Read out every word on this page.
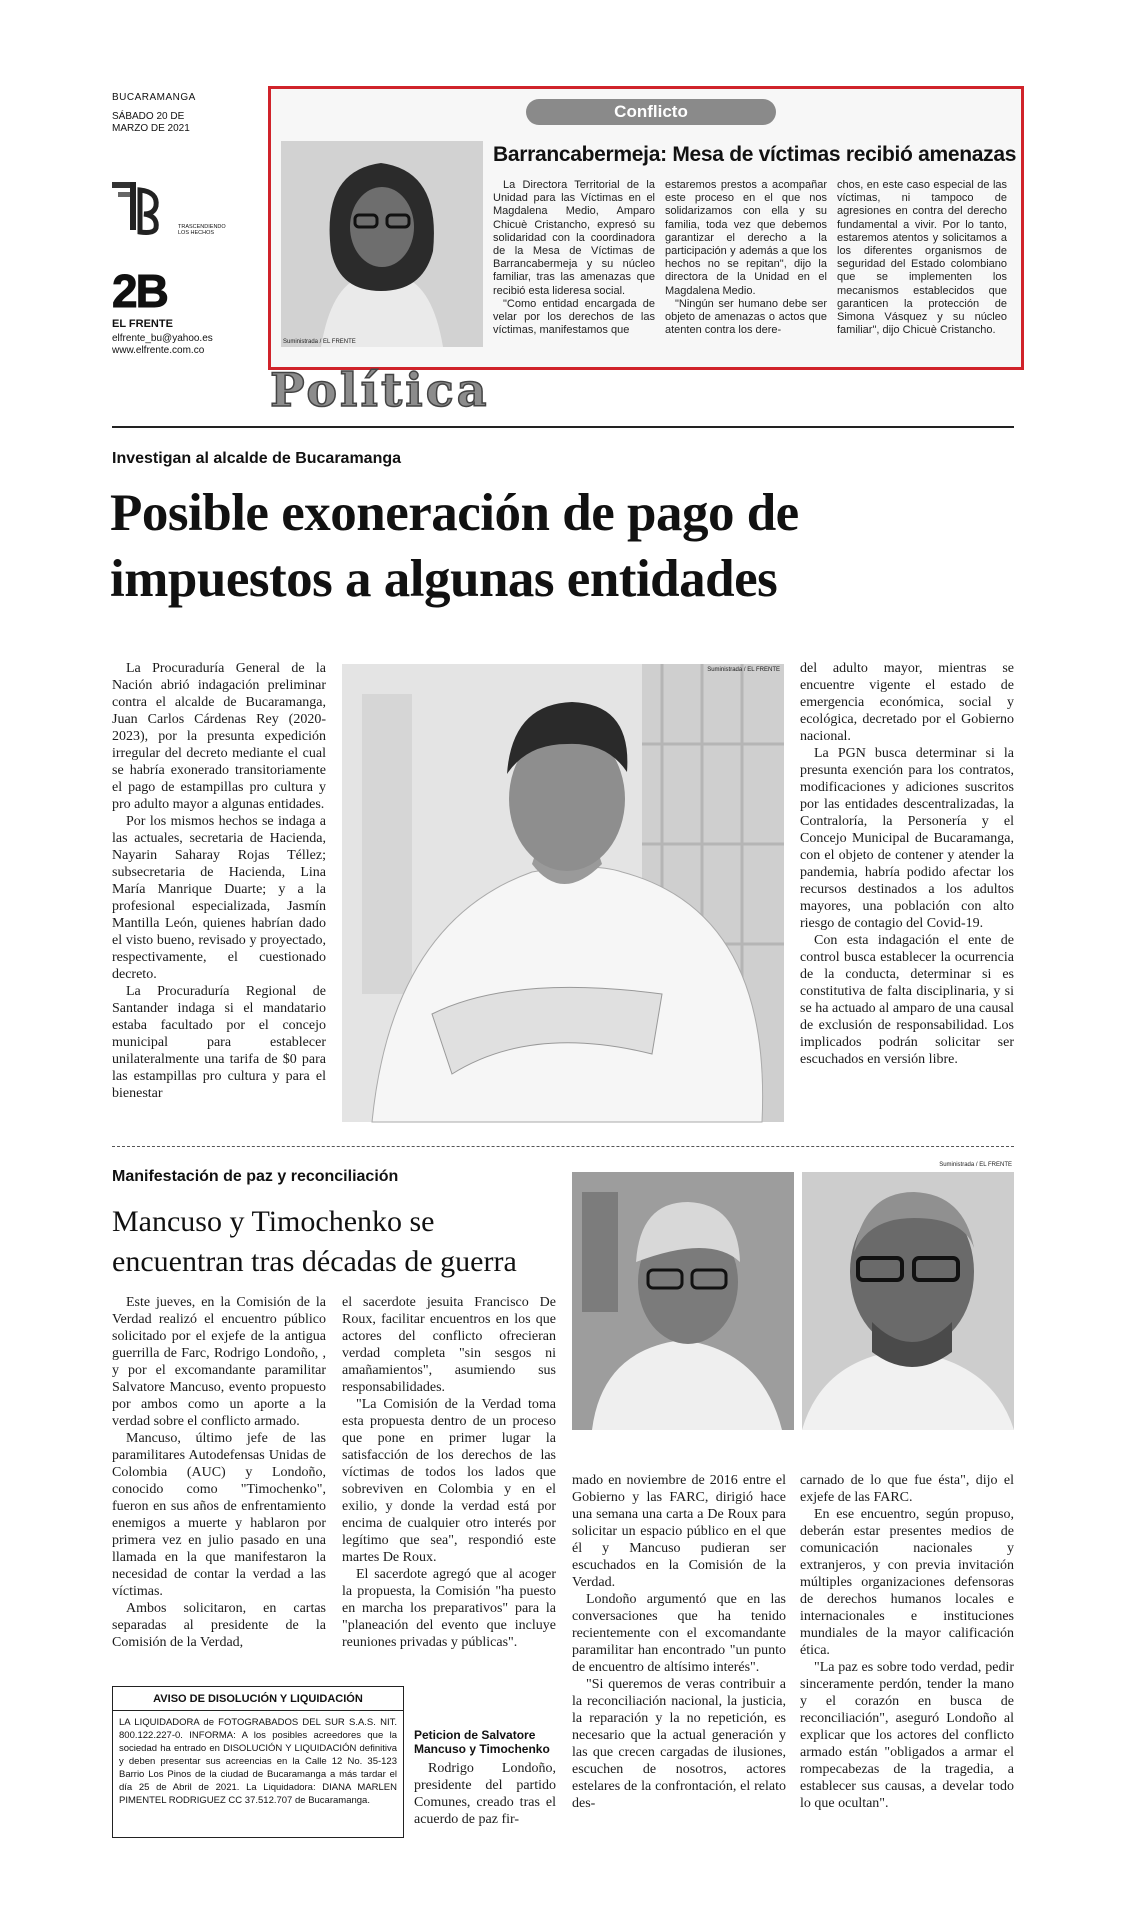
BUCARAMANGA
SÁBADO 20 DE MARZO DE 2021
TRASCENDIENDO LOS HECHOS
2B
EL FRENTE
elfrente_bu@yahoo.es
www.elfrente.com.co
Conflicto
Suministrada / EL FRENTE
Barrancabermeja: Mesa de víctimas recibió amenazas

La Directora Territorial de la Unidad para las Víctimas en el Magdalena Medio, Amparo Chicuè Cristancho, expresó su solidaridad con la coordinadora de la Mesa de Víctimas de Barrancabermeja y su núcleo familiar, tras las amenazas que recibió esta lideresa social.

"Como entidad encargada de velar por los derechos de las víctimas, manifestamos que

estaremos prestos a acompañar este proceso en el que nos solidarizamos con ella y su familia, toda vez que debemos garantizar el derecho a la participación y además a que los hechos no se repitan", dijo la directora de la Unidad en el Magdalena Medio.

"Ningún ser humano debe ser objeto de amenazas o actos que atenten contra los dere-

chos, en este caso especial de las víctimas, ni tampoco de agresiones en contra del derecho fundamental a vivir. Por lo tanto, estaremos atentos y solicitamos a los diferentes organismos de seguridad del Estado colombiano que se implementen los mecanismos establecidos que garanticen la protección de Simona Vásquez y su núcleo familiar", dijo Chicuè Cristancho.

Política
Investigan al alcalde de Bucaramanga
Posible exoneración de pago de impuestos a algunas entidades

La Procuraduría General de la Nación abrió indagación preliminar contra el alcalde de Bucaramanga, Juan Carlos Cárdenas Rey (2020-2023), por la presunta expedición irregular del decreto mediante el cual se habría exonerado transitoriamente el pago de estampillas pro cultura y pro adulto mayor a algunas entidades.

Por los mismos hechos se indaga a las actuales, secretaria de Hacienda, Nayarin Saharay Rojas Téllez; subsecretaria de Hacienda, Lina María Manrique Duarte; y a la profesional especializada, Jasmín Mantilla León, quienes habrían dado el visto bueno, revisado y proyectado, respectivamente, el cuestionado decreto.

La Procuraduría Regional de Santander indaga si el mandatario estaba facultado por el concejo municipal para establecer unilateralmente una tarifa de $0 para las estampillas pro cultura y para el bienestar

Suministrada / EL FRENTE del adulto mayor, mientras se encuentre vigente el estado de emergencia económica, social y ecológica, decretado por el Gobierno nacional.

La PGN busca determinar si la presunta exención para los contratos, modificaciones y adiciones suscritos por las entidades descentralizadas, la Contraloría, la Personería y el Concejo Municipal de Bucaramanga, con el objeto de contener y atender la pandemia, habría podido afectar los recursos destinados a los adultos mayores, una población con alto riesgo de contagio del Covid-19.

Con esta indagación el ente de control busca establecer la ocurrencia de la conducta, determinar si es constitutiva de falta disciplinaria, y si se ha actuado al amparo de una causal de exclusión de responsabilidad. Los implicados podrán solicitar ser escuchados en versión libre.

Manifestación de paz y reconciliación
Mancuso y Timochenko se encuentran tras décadas de guerra
Suministrada / EL FRENTE

Este jueves, en la Comisión de la Verdad realizó el encuentro público solicitado por el exjefe de la antigua guerrilla de Farc, Rodrigo Londoño, , y por el excomandante paramilitar Salvatore Mancuso, evento propuesto por ambos como un aporte a la verdad sobre el conflicto armado.

Mancuso, último jefe de las paramilitares Autodefensas Unidas de Colombia (AUC) y Londoño, conocido como "Timochenko", fueron en sus años de enfrentamiento enemigos a muerte y hablaron por primera vez en julio pasado en una llamada en la que manifestaron la necesidad de contar la verdad a las víctimas.

Ambos solicitaron, en cartas separadas al presidente de la Comisión de la Verdad,

el sacerdote jesuita Francisco De Roux, facilitar encuentros en los que actores del conflicto ofrecieran verdad completa "sin sesgos ni amañamientos", asumiendo sus responsabilidades.

"La Comisión de la Verdad toma esta propuesta dentro de un proceso que pone en primer lugar la satisfacción de los derechos de las víctimas de todos los lados que sobreviven en Colombia y en el exilio, y donde la verdad está por encima de cualquier otro interés por legítimo que sea", respondió este martes De Roux.

El sacerdote agregó que al acoger la propuesta, la Comisión "ha puesto en marcha los preparativos" para la "planeación del evento que incluye reuniones privadas y públicas".

Peticion de Salvatore Mancuso y Timochenko

Rodrigo Londoño, presidente del partido Comunes, creado tras el acuerdo de paz fir-

mado en noviembre de 2016 entre el Gobierno y las FARC, dirigió hace una semana una carta a De Roux para solicitar un espacio público en el que él y Mancuso pudieran ser escuchados en la Comisión de la Verdad.

Londoño argumentó que en las conversaciones que ha tenido recientemente con el excomandante paramilitar han encontrado "un punto de encuentro de altísimo interés".

"Si queremos de veras contribuir a la reconciliación nacional, la justicia, la reparación y la no repetición, es necesario que la actual generación y las que crecen cargadas de ilusiones, escuchen de nosotros, actores estelares de la confrontación, el relato des-

carnado de lo que fue ésta", dijo el exjefe de las FARC.

En ese encuentro, según propuso, deberán estar presentes medios de comunicación nacionales y extranjeros, y con previa invitación múltiples organizaciones defensoras de derechos humanos locales e internacionales e instituciones mundiales de la mayor calificación ética.

"La paz es sobre todo verdad, pedir sinceramente perdón, tender la mano y el corazón en busca de reconciliación", aseguró Londoño al explicar que los actores del conflicto armado están "obligados a armar el rompecabezas de la tragedia, a establecer sus causas, a develar todo lo que ocultan".

AVISO DE DISOLUCIÓN Y LIQUIDACIÓN
LA LIQUIDADORA de FOTOGRABADOS DEL SUR S.A.S. NIT. 800.122.227-0. INFORMA: A los posibles acreedores que la sociedad ha entrado en DISOLUCIÓN Y LIQUIDACIÓN definitiva y deben presentar sus acreencias en la Calle 12 No. 35-123 Barrio Los Pinos de la ciudad de Bucaramanga a más tardar el día 25 de Abril de 2021. La Liquidadora: DIANA MARLEN PIMENTEL RODRIGUEZ CC 37.512.707 de Bucaramanga.
